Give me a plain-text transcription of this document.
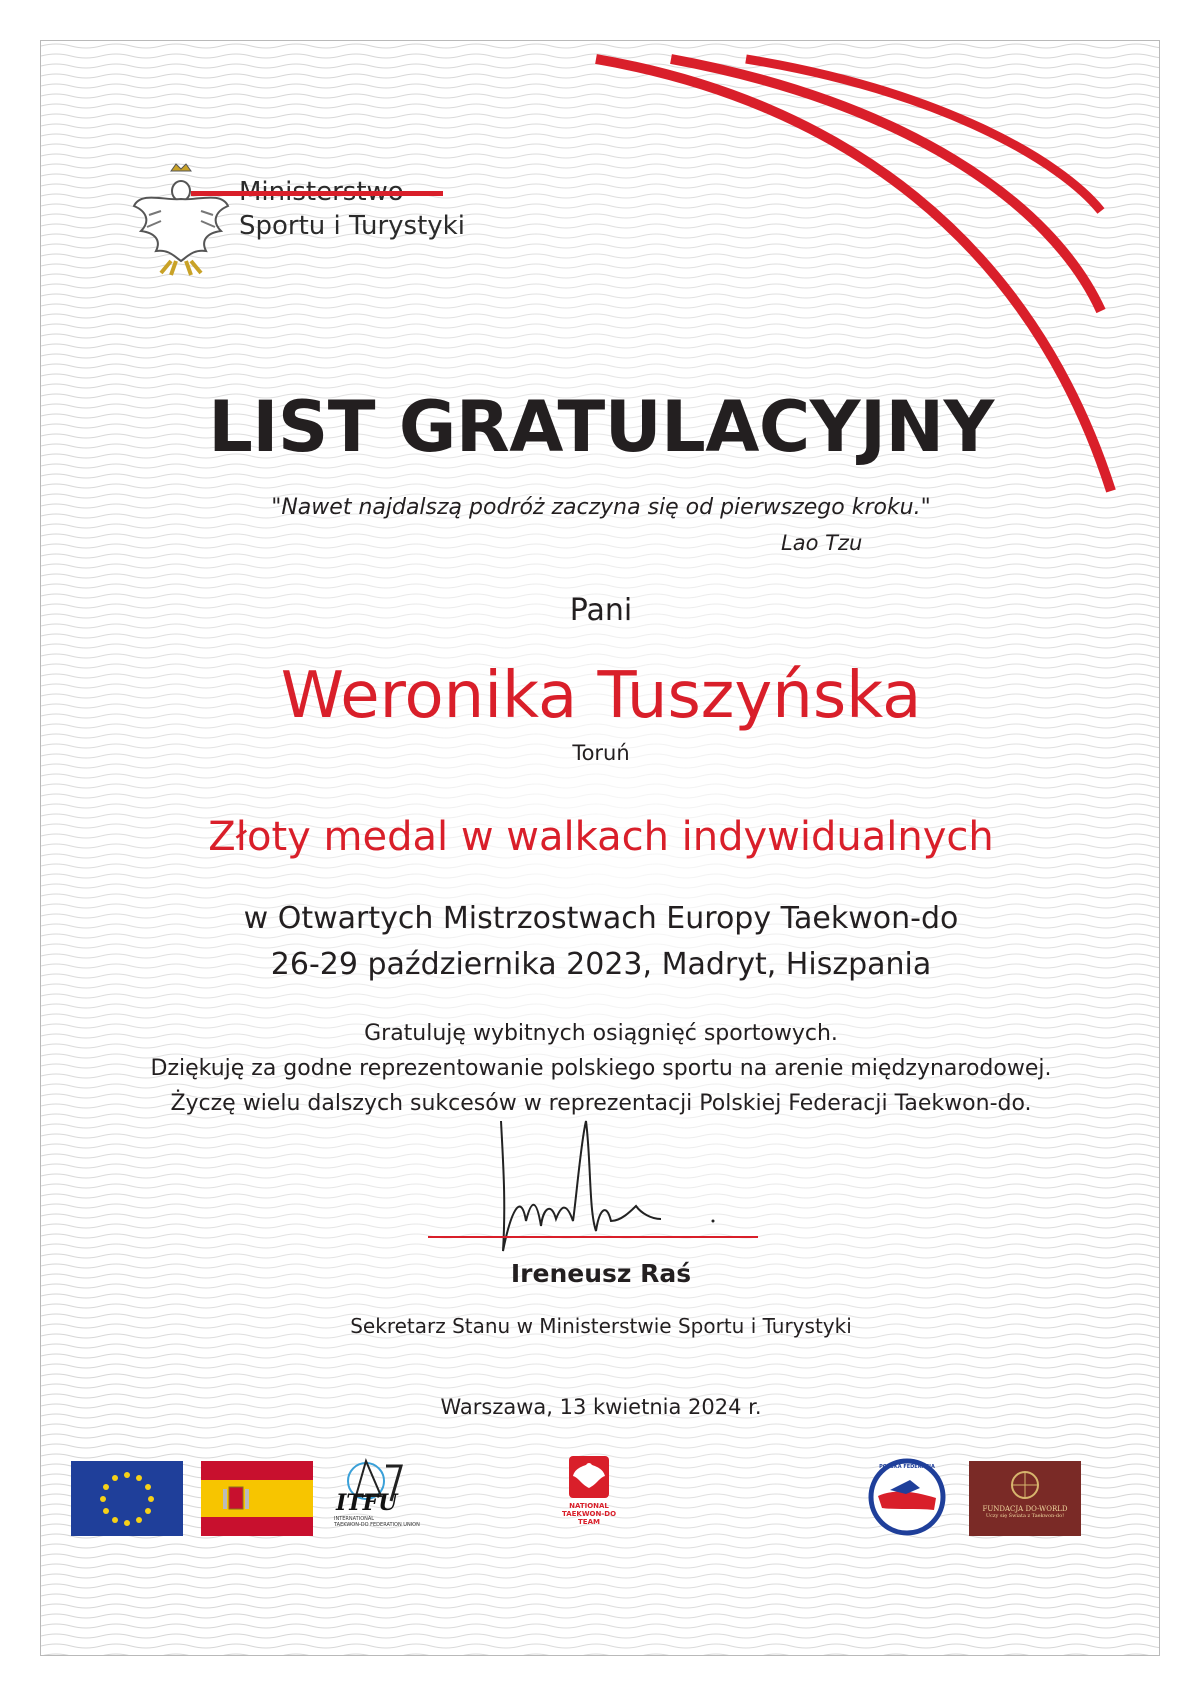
Sportu i Turystyki
LIST GRATULACYJNY
"Nawet najdalszą podróż zaczyna się od pierwszego kroku."
Lao Tzu
Pani
Weronika Tuszyńska
Toruń
Złoty medal w walkach indywidualnych
w Otwartych Mistrzostwach Europy Taekwon-do
26-29 października 2023, Madryt, Hiszpania
Gratuluję wybitnych osiągnięć sportowych.
Dziękuję za godne reprezentowanie polskiego sportu na arenie międzynarodowej.
Życzę wielu dalszych sukcesów w reprezentacji Polskiej Federacji Taekwon-do.
Ireneusz Raś
Sekretarz Stanu w Ministerstwie Sportu i Turystyki
Warszawa, 13 kwietnia 2024 r.
ITFU
INTERNATIONAL
TAEKWON-DO FEDERATION UNION
NATIONAL
TAEKWON-DO
TEAM
POLSKA FEDERACJA
FUNDACJA DO-WORLD
Uczy się Świata z Taekwon-do!
